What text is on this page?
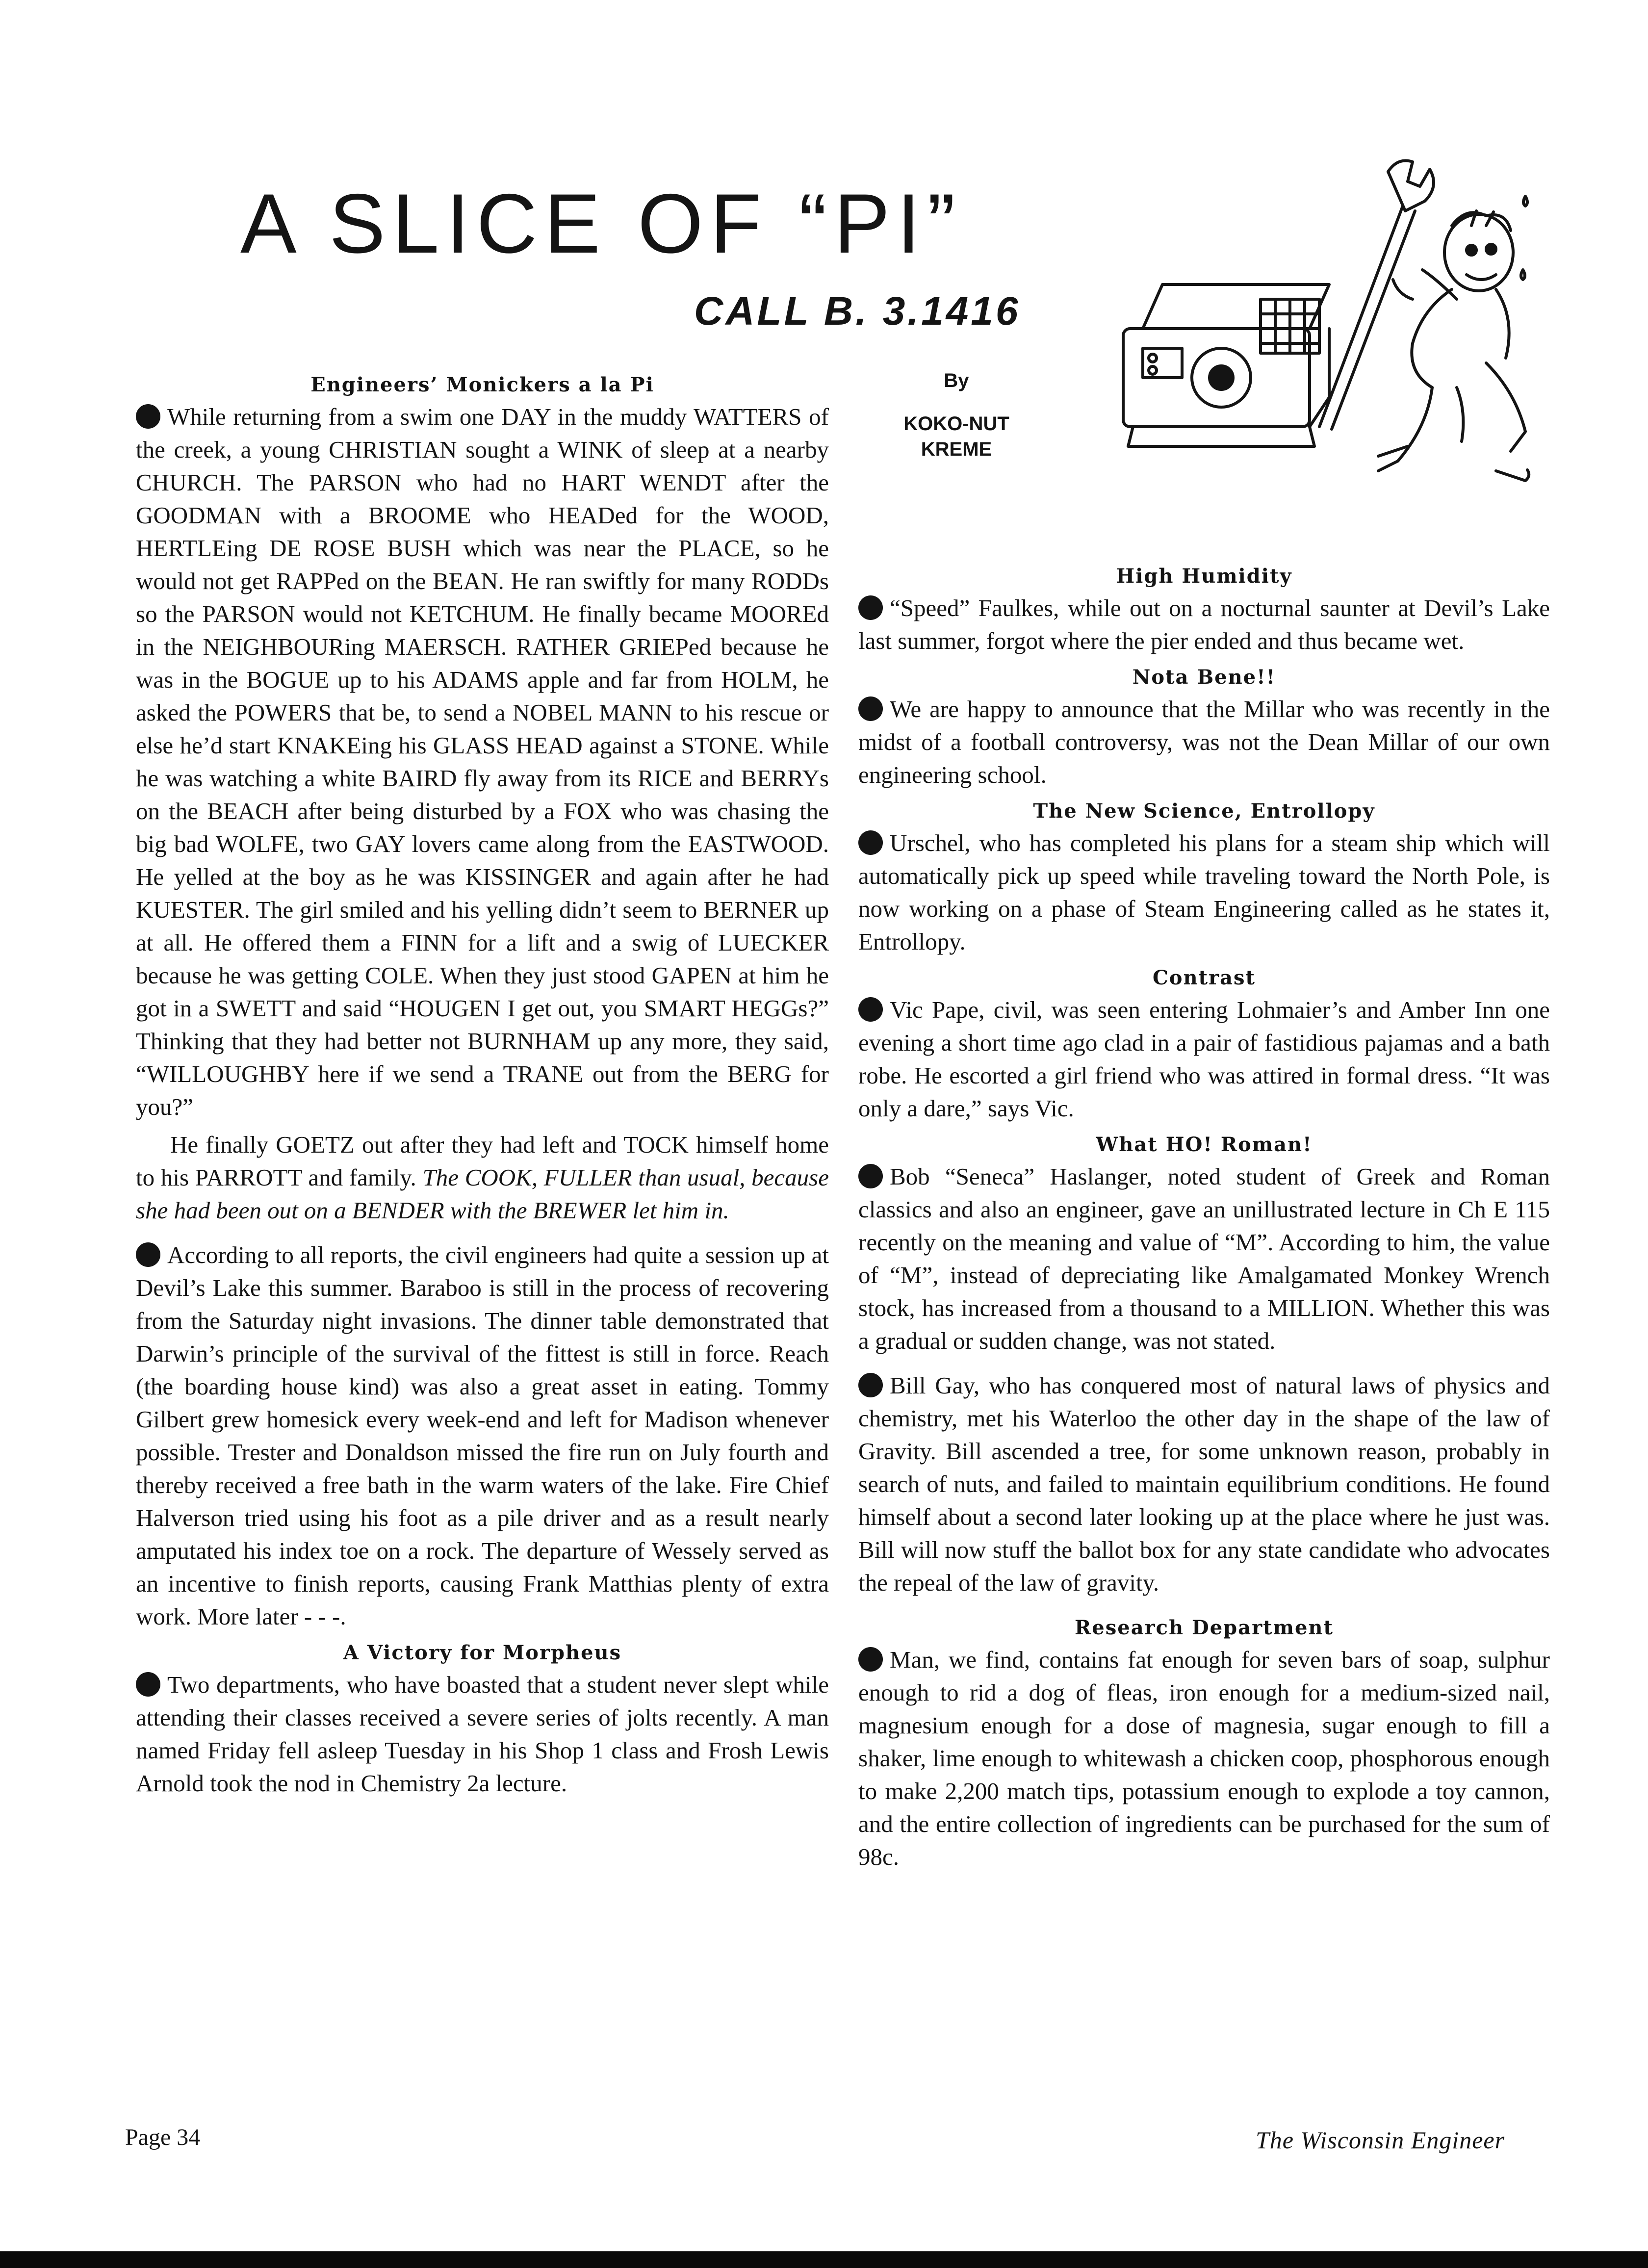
A SLICE OF “PI”
CALL B. 3.1416
By
KOKO-NUT
KREME
Engineers’ Monickers a la Pi

While returning from a swim one DAY in the muddy WATTERS of the creek, a young CHRISTIAN sought a WINK of sleep at a nearby CHURCH. The PARSON who had no HART WENDT after the GOODMAN with a BROOME who HEADed for the WOOD, HERTLEing DE ROSE BUSH which was near the PLACE, so he would not get RAPPed on the BEAN. He ran swiftly for many RODDs so the PARSON would not KETCHUM. He finally became MOOREd in the NEIGHBOURing MAERSCH. RATHER GRIEPed because he was in the BOGUE up to his ADAMS apple and far from HOLM, he asked the POWERS that be, to send a NOBEL MANN to his rescue or else he’d start KNAKEing his GLASS HEAD against a STONE. While he was watching a white BAIRD fly away from its RICE and BERRYs on the BEACH after being disturbed by a FOX who was chasing the big bad WOLFE, two GAY lovers came along from the EASTWOOD. He yelled at the boy as he was KISSINGER and again after he had KUESTER. The girl smiled and his yelling didn’t seem to BERNER up at all. He offered them a FINN for a lift and a swig of LUECKER because he was getting COLE. When they just stood GAPEN at him he got in a SWETT and said “HOUGEN I get out, you SMART HEGGs?” Thinking that they had better not BURNHAM up any more, they said, “WILLOUGHBY here if we send a TRANE out from the BERG for you?”

He finally GOETZ out after they had left and TOCK himself home to his PARROTT and family. The COOK, FULLER than usual, because she had been out on a BENDER with the BREWER let him in.

According to all reports, the civil engineers had quite a session up at Devil’s Lake this summer. Baraboo is still in the process of recovering from the Saturday night invasions. The dinner table demonstrated that Darwin’s principle of the survival of the fittest is still in force. Reach (the boarding house kind) was also a great asset in eating. Tommy Gilbert grew homesick every week-end and left for Madison whenever possible. Trester and Donaldson missed the fire run on July fourth and thereby received a free bath in the warm waters of the lake. Fire Chief Halverson tried using his foot as a pile driver and as a result nearly amputated his index toe on a rock. The departure of Wessely served as an incentive to finish reports, causing Frank Matthias plenty of extra work. More later - - -.

A Victory for Morpheus

Two departments, who have boasted that a student never slept while attending their classes received a severe series of jolts recently. A man named Friday fell asleep Tuesday in his Shop 1 class and Frosh Lewis Arnold took the nod in Chemistry 2a lecture.

High Humidity

“Speed” Faulkes, while out on a nocturnal saunter at Devil’s Lake last summer, forgot where the pier ended and thus became wet.

Nota Bene!!

We are happy to announce that the Millar who was recently in the midst of a football controversy, was not the Dean Millar of our own engineering school.

The New Science, Entrollopy

Urschel, who has completed his plans for a steam ship which will automatically pick up speed while traveling toward the North Pole, is now working on a phase of Steam Engineering called as he states it, Entrollopy.

Contrast

Vic Pape, civil, was seen entering Lohmaier’s and Amber Inn one evening a short time ago clad in a pair of fastidious pajamas and a bath robe. He escorted a girl friend who was attired in formal dress. “It was only a dare,” says Vic.

What HO! Roman!

Bob “Seneca” Haslanger, noted student of Greek and Roman classics and also an engineer, gave an unillustrated lecture in Ch E 115 recently on the meaning and value of “M”. According to him, the value of “M”, instead of depreciating like Amalgamated Monkey Wrench stock, has increased from a thousand to a MILLION. Whether this was a gradual or sudden change, was not stated.

Bill Gay, who has conquered most of natural laws of physics and chemistry, met his Waterloo the other day in the shape of the law of Gravity. Bill ascended a tree, for some unknown reason, probably in search of nuts, and failed to maintain equilibrium conditions. He found himself about a second later looking up at the place where he just was. Bill will now stuff the ballot box for any state candidate who advocates the repeal of the law of gravity.

Research Department

Man, we find, contains fat enough for seven bars of soap, sulphur enough to rid a dog of fleas, iron enough for a medium-sized nail, magnesium enough for a dose of magnesia, sugar enough to fill a shaker, lime enough to whitewash a chicken coop, phosphorous enough to make 2,200 match tips, potassium enough to explode a toy cannon, and the entire collection of ingredients can be purchased for the sum of 98c.

Page 34	The Wisconsin Engineer
